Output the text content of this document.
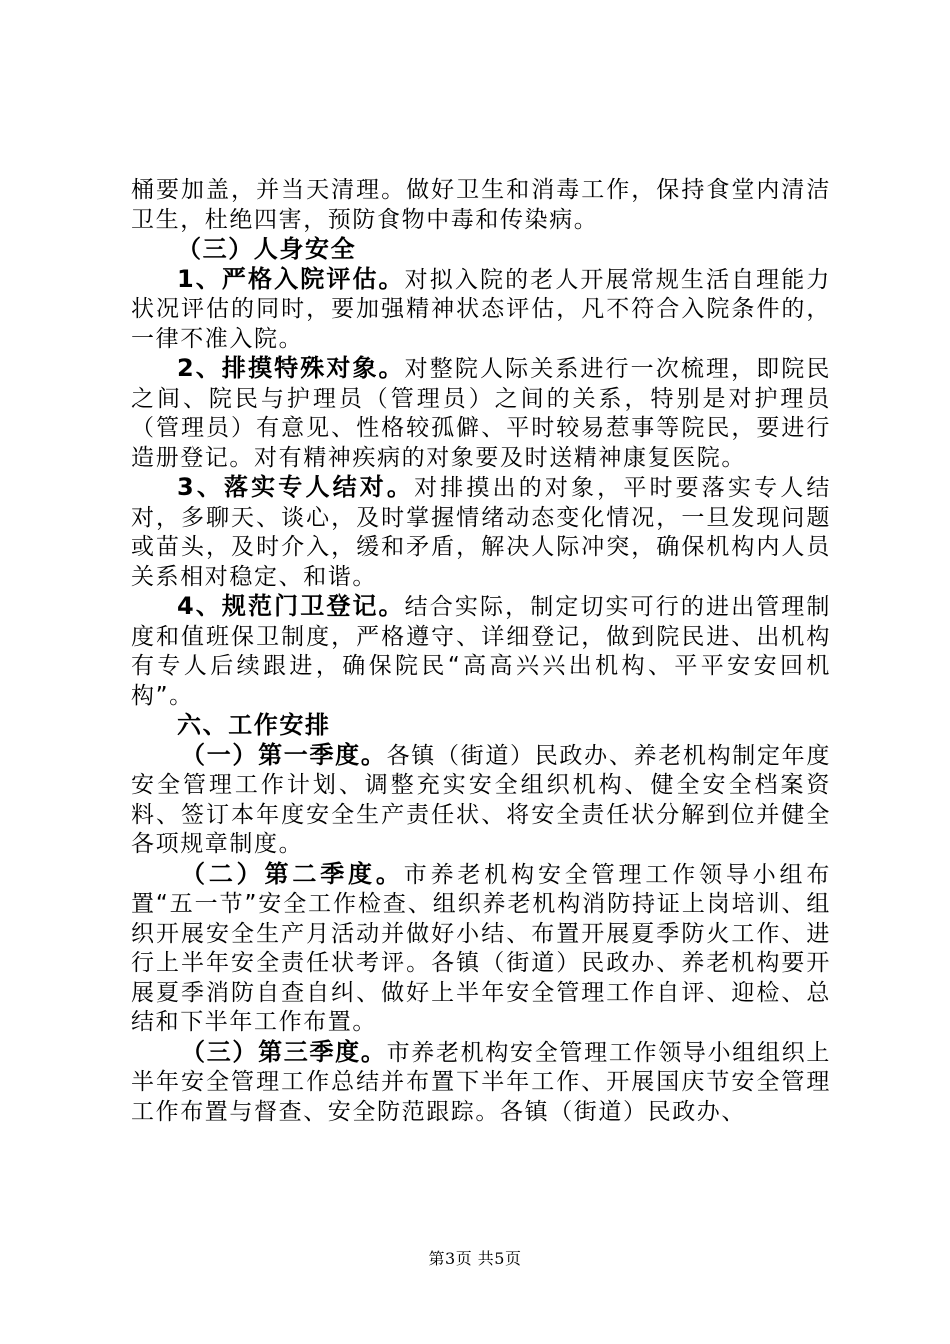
桶要加盖，并当天清理。做好卫生和消毒工作，保持食堂内清洁卫生，杜绝四害，预防食物中毒和传染病。

（三）人身安全

1、严格入院评估。对拟入院的老人开展常规生活自理能力状况评估的同时，要加强精神状态评估，凡不符合入院条件的，一律不准入院。

2、排摸特殊对象。对整院人际关系进行一次梳理，即院民之间、院民与护理员（管理员）之间的关系，特别是对护理员（管理员）有意见、性格较孤僻、平时较易惹事等院民，要进行造册登记。对有精神疾病的对象要及时送精神康复医院。

3、落实专人结对。对排摸出的对象，平时要落实专人结对，多聊天、谈心，及时掌握情绪动态变化情况，一旦发现问题或苗头，及时介入，缓和矛盾，解决人际冲突，确保机构内人员关系相对稳定、和谐。

4、规范门卫登记。结合实际，制定切实可行的进出管理制度和值班保卫制度，严格遵守、详细登记，做到院民进、出机构有专人后续跟进，确保院民“高高兴兴出机构、平平安安回机构”。

六、工作安排

（一）第一季度。各镇（街道）民政办、养老机构制定年度安全管理工作计划、调整充实安全组织机构、健全安全档案资料、签订本年度安全生产责任状、将安全责任状分解到位并健全各项规章制度。

（二）第二季度。市养老机构安全管理工作领导小组布置“五一节”安全工作检查、组织养老机构消防持证上岗培训、组织开展安全生产月活动并做好小结、布置开展夏季防火工作、进行上半年安全责任状考评。各镇（街道）民政办、养老机构要开展夏季消防自查自纠、做好上半年安全管理工作自评、迎检、总结和下半年工作布置。

（三）第三季度。市养老机构安全管理工作领导小组组织上半年安全管理工作总结并布置下半年工作、开展国庆节安全管理工作布置与督查、安全防范跟踪。各镇（街道）民政办、

第3页 共5页
